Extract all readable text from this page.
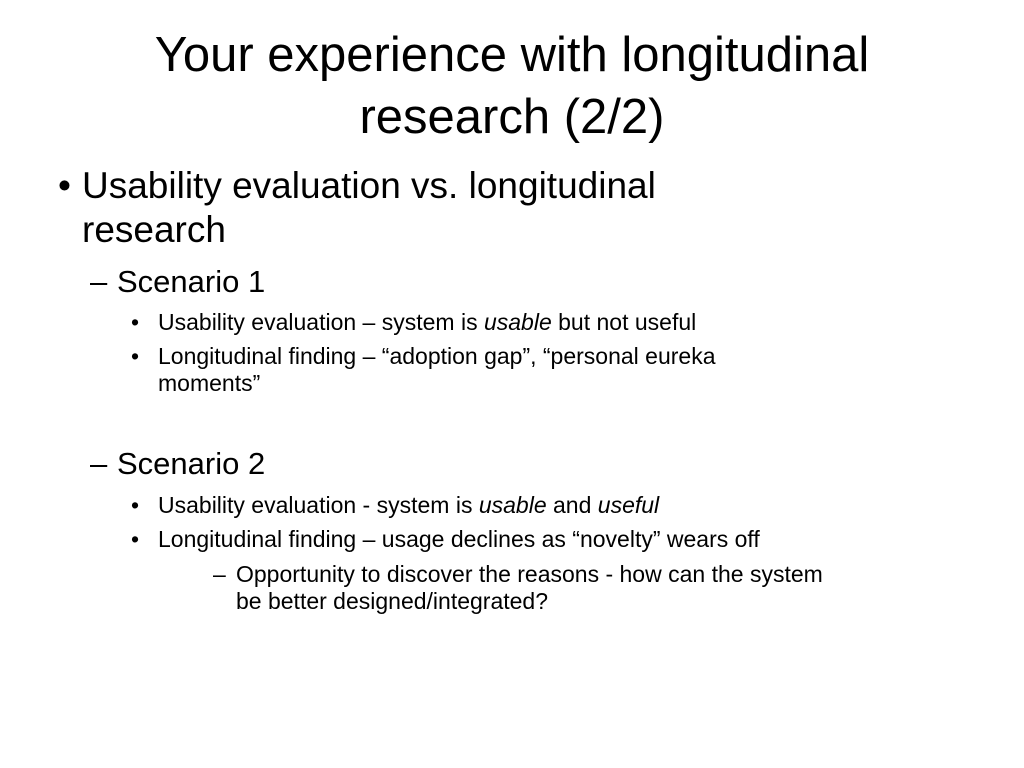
Your experience with longitudinal
research (2/2)
• Usability evaluation vs. longitudinal
research
– Scenario 1
• Usability evaluation – system is usable but not useful
• Longitudinal finding – “adoption gap”, “personal eureka
moments”
– Scenario 2
• Usability evaluation - system is usable and useful
• Longitudinal finding – usage declines as “novelty” wears off
– Opportunity to discover the reasons - how can the system
be better designed/integrated?
